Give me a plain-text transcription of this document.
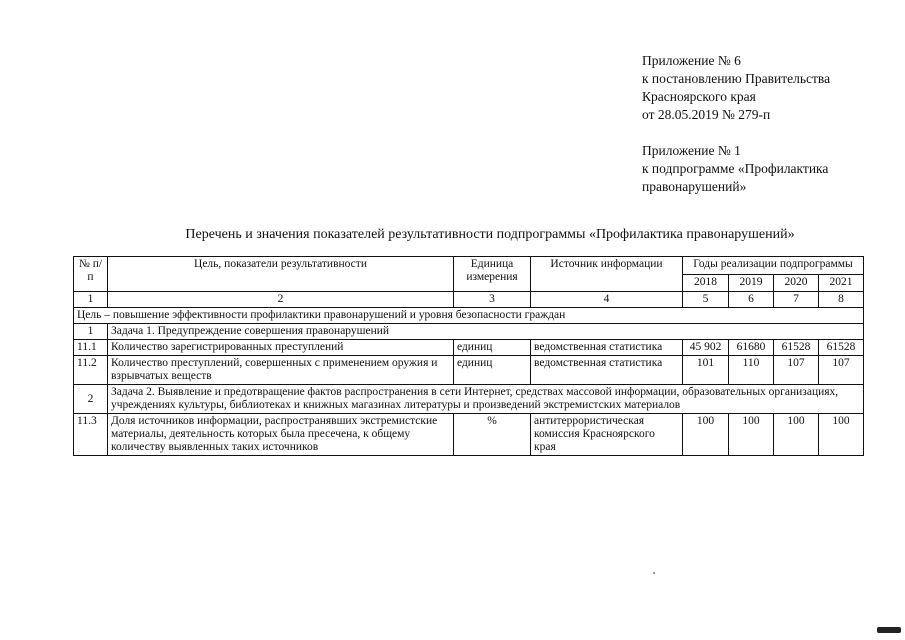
Приложение № 6

к постановлению Правительства

Красноярского края

от 28.05.2019 № 279-п

Приложение № 1

к подпрограмме «Профилактика

правонарушений»

Перечень и значения показателей результативности подпрограммы «Профилактика правонарушений»
№ п/п	Цель, показатели результативности	Единица измерения	Источник информации	Годы реализации подпрограммы			
				2018	2019	2020	2021
1	2	3	4	5	6	7	8
Цель – повышение эффективности профилактики правонарушений и уровня безопасности граждан							
1	Задача 1. Предупреждение совершения правонарушений						
11.1	Количество зарегистрированных преступлений	единиц	ведомственная статистика	45 902	61680	61528	61528
11.2	Количество преступлений, совершенных с применением оружия и взрывчатых веществ	единиц	ведомственная статистика	101	110	107	107
2	Задача 2. Выявление и предотвращение фактов распространения в сети Интернет, средствах массовой информации, образовательных организациях, учреждениях культуры, библиотеках и книжных магазинах литературы и произведений экстремистских материалов						
11.3	Доля источников информации, распространявших экстремистские материалы, деятельность которых была пресечена, к общему количеству выявленных таких источников	%	антитеррористическая комиссия Красноярского края	100	100	100	100
